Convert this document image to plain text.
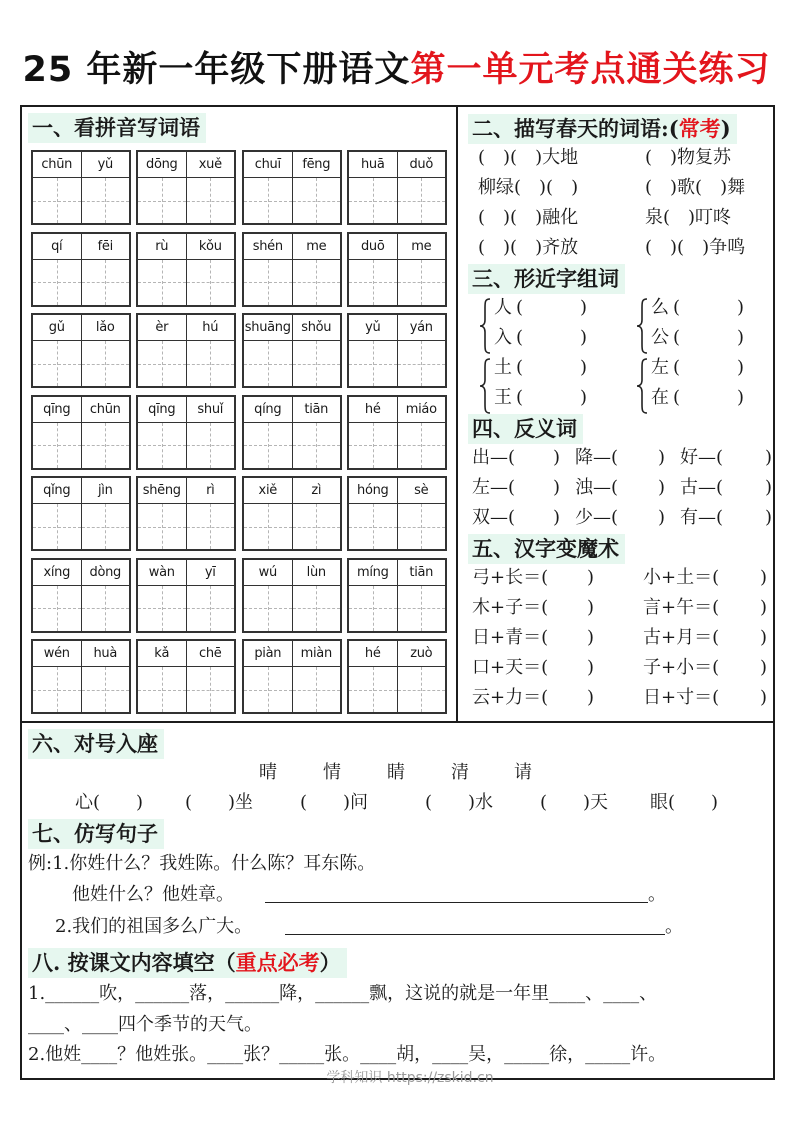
25 年新一年级下册语文第一单元考点通关练习
一、看拼音写词语	二、描写春天的词语:(常考)
三、形近字组词
四、反义词
五、汉字变魔术
六、对号入座
七、仿写句子
八. 按课文内容填空（重点必考）
例:1.你姓什么？我姓陈。什么陈？耳东陈。
他姓什么？他姓章。	。
2.我们的祖国多么广大。	。
1.______吹，______落，______降，______飘，这说的就是一年里____、____、
____、____四个季节的天气。
2.他姓____？他姓张。____张？_____张。____胡，____吴，_____徐，_____许。
chūn	yǔ	dōng	xuě	chuī	fēng	huā	duǒ
qí	fēi	rù	kǒu	shén	me	duō	me
gǔ	lǎo	èr	hú	shuāng shǒu	yǔ	yán
qīng	chūn	qīng	shuǐ	qíng	tiān	hé	miáo
qǐng	jìn	shēng	rì	xiě	zì	hóng	sè
xíng	dòng	wàn	yī	wú	lùn	míng	tiān
wén	huà	kǎ	chē	piàn	miàn	hé	zuò
(　)(　)大地	(　)物复苏
柳绿(　)(　)	(　)歌(　)舞
(　)(　)融化	泉(　)叮咚
(　)(　)齐放	(　)(　)争鸣
人 (	)
入 (	)
么 (	)
公 (	)
土 (	)
王 (	)
左 (	)
在 (	)
出—( ) 降—( ) 好—( )
左—( ) 浊—( ) 古—( )
双—( ) 少—( ) 有—( )
弓+长＝( )	小+土＝( )
木+子＝( )	言+午＝( )
日+青＝( )	古+月＝( )
口+天＝( )	子+小＝( )
云+力＝( )	日+寸＝( )
晴	情	睛	清	请
心(　　) (　　)坐	(　　)问	(　　)水	(　　)天 眼(　　)
学科知识 https://zskid.cn
